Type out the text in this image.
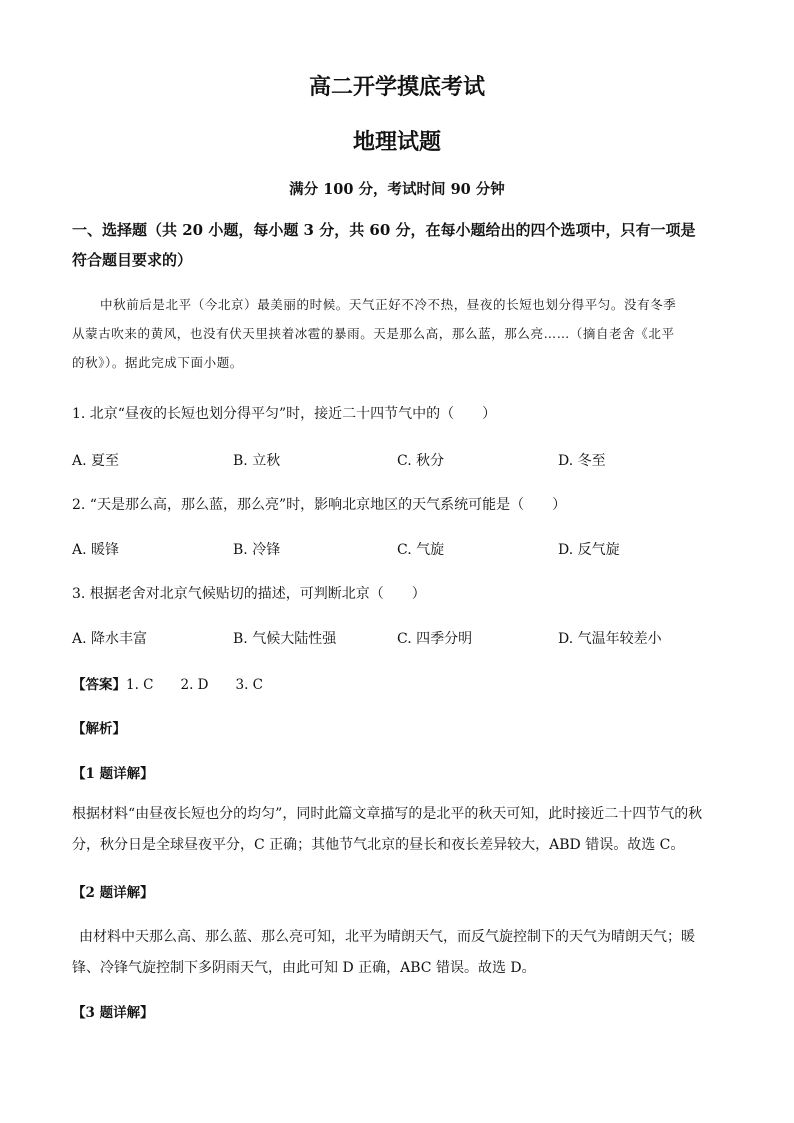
高二开学摸底考试
地理试题
满分 100 分，考试时间 90 分钟
一、选择题（共 20 小题，每小题 3 分，共 60 分，在每小题给出的四个选项中，只有一项是
符合题目要求的）
中秋前后是北平（今北京）最美丽的时候。天气正好不冷不热，昼夜的长短也划分得平匀。没有冬季
从蒙古吹来的黄风，也没有伏天里挟着冰雹的暴雨。天是那么高，那么蓝，那么亮……（摘自老舍《北平
的秋》）。据此完成下面小题。
1. 北京“昼夜的长短也划分得平匀”时，接近二十四节气中的（　　）
A. 夏至	B. 立秋	C. 秋分	D. 冬至
2. “天是那么高，那么蓝，那么亮”时，影响北京地区的天气系统可能是（　　）
A. 暖锋	B. 冷锋	C. 气旋	D. 反气旋
3. 根据老舍对北京气候贴切的描述，可判断北京（　　）
A. 降水丰富	B. 气候大陆性强	C. 四季分明	D. 气温年较差小
【答案】1. C 2. D 3. C
【解析】
【1 题详解】
根据材料“由昼夜长短也分的均匀”，同时此篇文章描写的是北平的秋天可知，此时接近二十四节气的秋
分，秋分日是全球昼夜平分，C 正确；其他节气北京的昼长和夜长差异较大，ABD 错误。故选 C。
【2 题详解】
由材料中天那么高、那么蓝、那么亮可知，北平为晴朗天气，而反气旋控制下的天气为晴朗天气；暖
锋、冷锋气旋控制下多阴雨天气，由此可知 D 正确，ABC 错误。故选 D。
【3 题详解】
